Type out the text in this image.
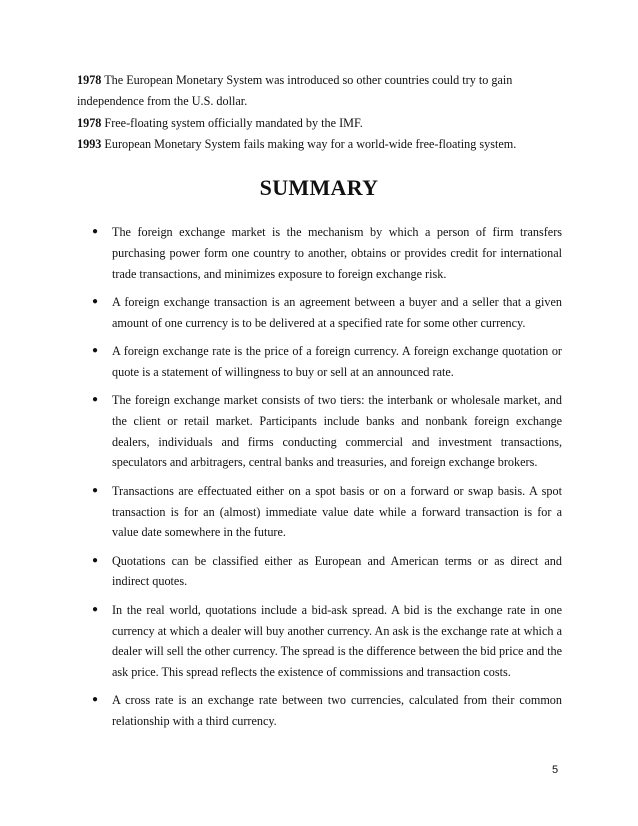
1978 The European Monetary System was introduced so other countries could try to gain independence from the U.S. dollar.

1978 Free-floating system officially mandated by the IMF.

1993 European Monetary System fails making way for a world-wide free-floating system.

SUMMARY
● The foreign exchange market is the mechanism by which a person of firm transfers purchasing power form one country to another, obtains or provides credit for international trade transactions, and minimizes exposure to foreign exchange risk.
● A foreign exchange transaction is an agreement between a buyer and a seller that a given amount of one currency is to be delivered at a specified rate for some other currency.
● A foreign exchange rate is the price of a foreign currency. A foreign exchange quotation or quote is a statement of willingness to buy or sell at an announced rate.
● The foreign exchange market consists of two tiers: the interbank or wholesale market, and the client or retail market. Participants include banks and nonbank foreign exchange dealers, individuals and firms conducting commercial and investment transactions, speculators and arbitragers, central banks and treasuries, and foreign exchange brokers.
● Transactions are effectuated either on a spot basis or on a forward or swap basis. A spot transaction is for an (almost) immediate value date while a forward transaction is for a value date somewhere in the future.
● Quotations can be classified either as European and American terms or as direct and indirect quotes.
● In the real world, quotations include a bid-ask spread. A bid is the exchange rate in one currency at which a dealer will buy another currency. An ask is the exchange rate at which a dealer will sell the other currency. The spread is the difference between the bid price and the ask price. This spread reflects the existence of commissions and transaction costs.
● A cross rate is an exchange rate between two currencies, calculated from their common relationship with a third currency.
5
